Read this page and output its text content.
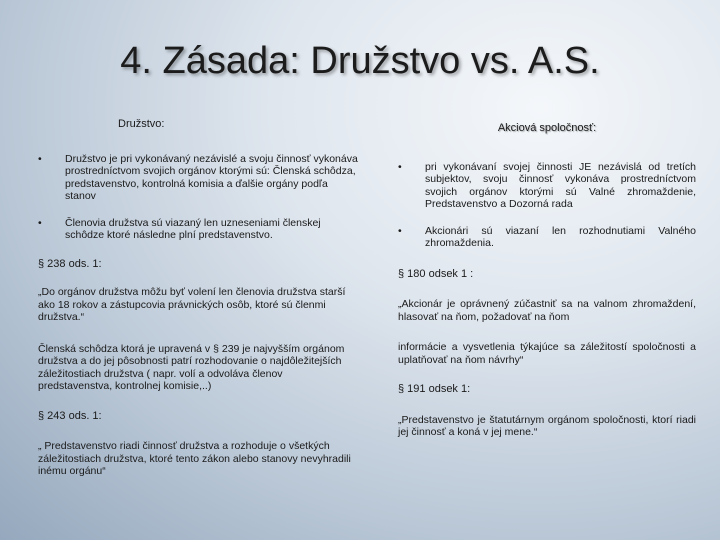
4. Zásada: Družstvo vs. A.S.
Družstvo:
•	Družstvo je pri vykonávaný nezávislé a svoju činnosť vykonáva prostredníctvom svojich orgánov ktorými sú: Členská schôdza, predstavenstvo, kontrolná komisia a ďalšie orgány podľa stanov
•	Členovia družstva sú viazaný len uzneseniami členskej schôdze ktoré následne plní predstavenstvo.

§ 238 ods. 1:

„Do orgánov družstva môžu byť volení len členovia družstva starší ako 18 rokov a zástupcovia právnických osôb, ktoré sú členmi družstva.“

Členská schôdza ktorá je upravená v § 239 je najvyšším orgánom družstva a do jej pôsobnosti patrí rozhodovanie o najdôležitejších záležitostiach družstva ( napr. volí a odvoláva členov predstavenstva, kontrolnej komisie,..)

§ 243 ods. 1:

„ Predstavenstvo riadi činnosť družstva a rozhoduje o všetkých záležitostiach družstva, ktoré tento zákon alebo stanovy nevyhradili inému orgánu“

Akciová spoločnosť:
•	pri vykonávaní svojej činnosti JE nezávislá od tretích subjektov, svoju činnosť vykonáva prostredníctvom svojich orgánov ktorými sú Valné zhromaždenie, Predstavenstvo a Dozorná rada
•	Akcionári sú viazaní len rozhodnutiami Valného zhromaždenia.

§ 180 odsek 1 :

„Akcionár je oprávnený zúčastniť sa na valnom zhromaždení, hlasovať na ňom, požadovať na ňom

informácie a vysvetlenia týkajúce sa záležitostí spoločnosti a uplatňovať na ňom návrhy“

§ 191 odsek 1:

„Predstavenstvo je štatutárnym orgánom spoločnosti, ktorí riadi jej činnosť a koná v jej mene.“
